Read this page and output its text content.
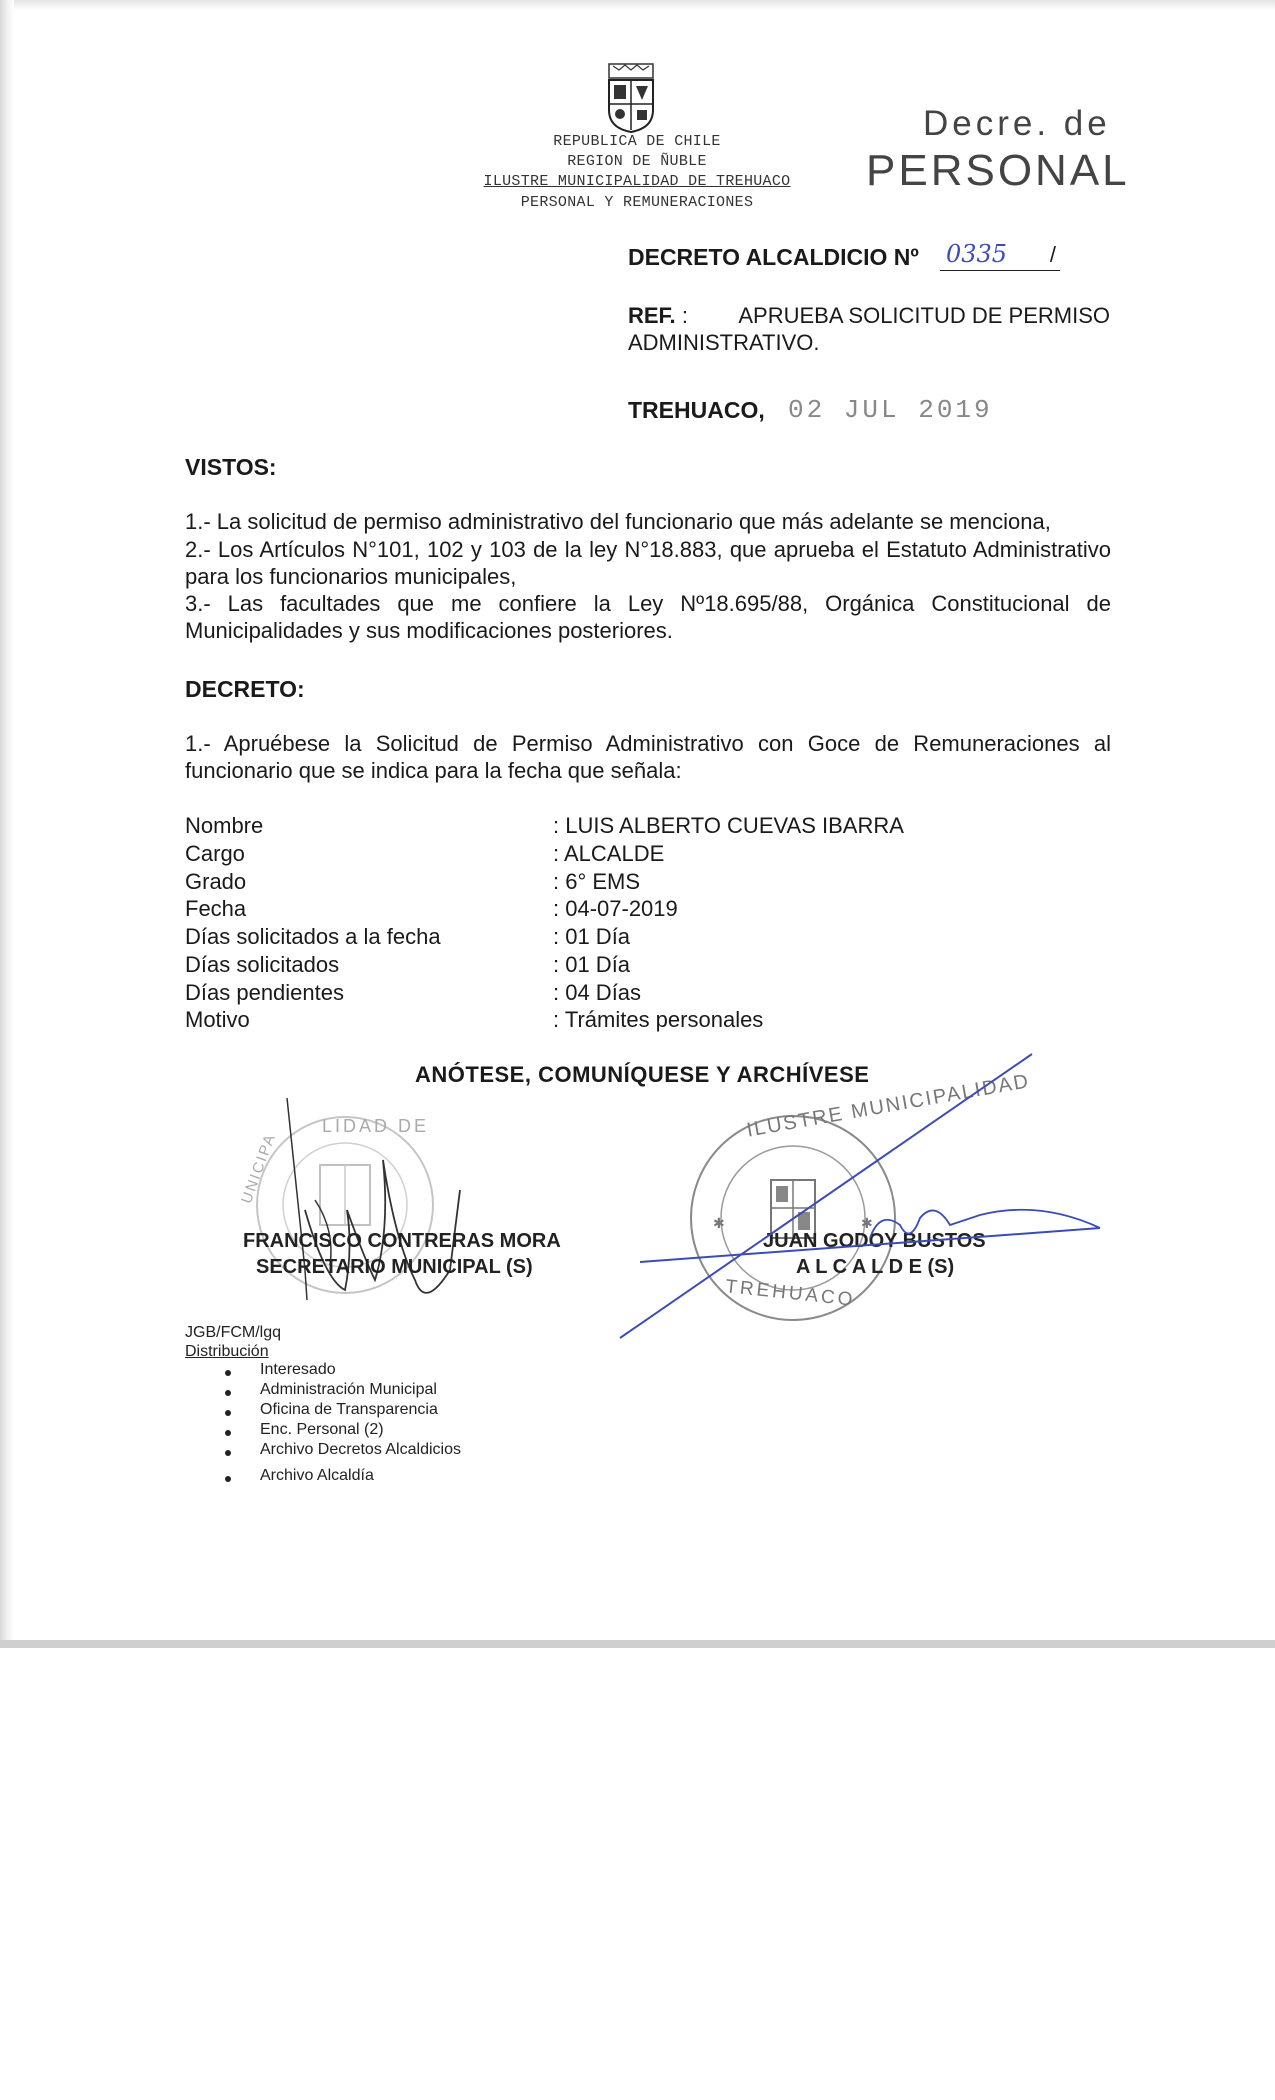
REPUBLICA DE CHILE
REGION DE ÑUBLE
ILUSTRE MUNICIPALIDAD DE TREHUACO
PERSONAL Y REMUNERACIONES
Decre. de
PERSONAL
DECRETO ALCALDICIO Nº 0335 /
REF. : APRUEBA SOLICITUD DE PERMISO
ADMINISTRATIVO.
TREHUACO, 02 JUL 2019
VISTOS:
1.- La solicitud de permiso administrativo del funcionario que más adelante se menciona,
2.- Los Artículos N°101, 102 y 103 de la ley N°18.883, que aprueba el Estatuto Administrativo para los funcionarios municipales,
3.- Las facultades que me confiere la Ley Nº18.695/88, Orgánica Constitucional de Municipalidades y sus modificaciones posteriores.
DECRETO:
1.- Apruébese la Solicitud de Permiso Administrativo con Goce de Remuneraciones al funcionario que se indica para la fecha que señala:
Nombre	: LUIS ALBERTO CUEVAS IBARRA
Cargo	: ALCALDE
Grado	: 6° EMS
Fecha	: 04-07-2019
Días solicitados a la fecha	: 01 Día
Días solicitados	: 01 Día
Días pendientes	: 04 Días
Motivo	: Trámites personales
ANÓTESE, COMUNÍQUESE Y ARCHÍVESE
LIDAD DE
UNICIPA
FRANCISCO CONTRERAS MORA
SECRETARIO MUNICIPAL (S)
✱	✱
ILUSTRE MUNICIPALIDAD
TREHUACO
JUAN GODOY BUSTOS
A L C A L D E (S)
JGB/FCM/lgq
Distribución
Interesado
Administración Municipal
Oficina de Transparencia
Enc. Personal (2)
Archivo Decretos Alcaldicios
Archivo Alcaldía
